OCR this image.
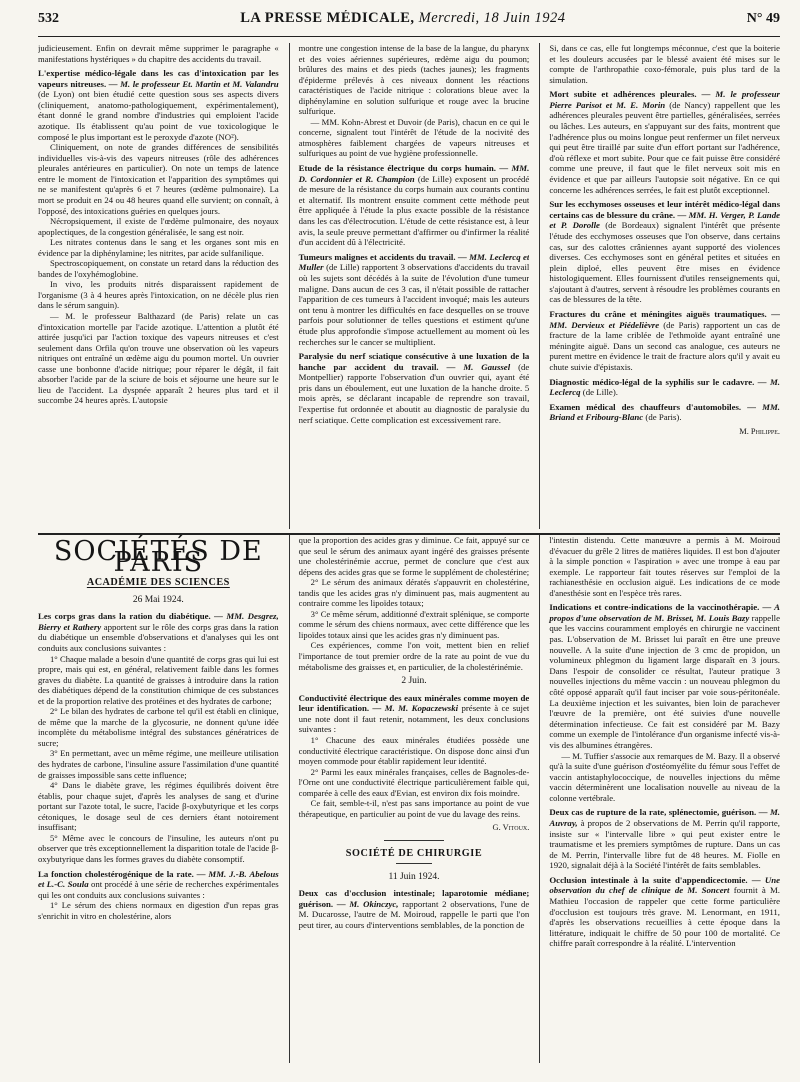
532	LA PRESSE MÉDICALE, Mercredi, 18 Juin 1924	N° 49

judicieusement. Enfin on devrait même supprimer le paragraphe « manifestations hystériques » du chapitre des accidents du travail.

L'expertise médico-légale dans les cas d'intoxication par les vapeurs nitreuses. — M. le professeur Et. Martin et M. Valandru (de Lyon) ont bien étudié cette question sous ses aspects divers (cliniquement, anatomo-pathologiquement, expérimentalement), étant donné le grand nombre d'industries qui emploient l'acide azotique. Ils établissent qu'au point de vue toxicologique le composé le plus important est le peroxyde d'azote (NO²).

Cliniquement, on note de grandes différences de sensibilités individuelles vis-à-vis des vapeurs nitreuses (rôle des adhérences pleurales antérieures en particulier). On note un temps de latence entre le moment de l'intoxication et l'apparition des symptômes qui ne se manifestent qu'après 6 et 7 heures (œdème pulmonaire). La mort se produit en 24 ou 48 heures quand elle survient; on connaît, à l'opposé, des intoxications guéries en quelques jours.

Nécropsiquement, il existe de l'œdème pulmonaire, des noyaux apoplectiques, de la congestion généralisée, le sang est noir.

Les nitrates contenus dans le sang et les organes sont mis en évidence par la diphénylamine; les nitrites, par acide sulfanilique.

Spectroscopiquement, on constate un retard dans la réduction des bandes de l'oxyhémoglobine.

In vivo, les produits nitrés disparaissent rapidement de l'organisme (3 à 4 heures après l'intoxication, on ne décèle plus rien dans le sérum sanguin).

— M. le professeur Balthazard (de Paris) relate un cas d'intoxication mortelle par l'acide azotique. L'attention a plutôt été attirée jusqu'ici par l'action toxique des vapeurs nitreuses et c'est seulement dans Orfila qu'on trouve une observation où les vapeurs nitriques ont entraîné un œdème aigu du poumon mortel. Un ouvrier casse une bonbonne d'acide nitrique; pour réparer le dégât, il fait absorber l'acide par de la sciure de bois et séjourne une heure sur le lieu de l'accident. La dyspnée apparaît 2 heures plus tard et il succombe 24 heures après. L'autopsie

montre une congestion intense de la base de la langue, du pharynx et des voies aériennes supérieures, œdème aigu du poumon; brûlures des mains et des pieds (taches jaunes); les fragments d'épiderme prélevés à ces niveaux donnent les réactions caractéristiques de l'acide nitrique : colorations bleue avec la diphénylamine en solution sulfurique et rouge avec la brucine sulfurique.

— MM. Kohn-Abrest et Duvoir (de Paris), chacun en ce qui le concerne, signalent tout l'intérêt de l'étude de la nocivité des atmosphères faiblement chargées de vapeurs nitreuses et sulfuriques au point de vue hygiène professionnelle.

Etude de la résistance électrique du corps humain. — MM. D. Cordonnier et R. Champion (de Lille) exposent un procédé de mesure de la résistance du corps humain aux courants continu et alternatif. Ils montrent ensuite comment cette méthode peut être appliquée à l'étude la plus exacte possible de la résistance dans les cas d'électrocution. L'étude de cette résistance est, à leur avis, la seule preuve permettant d'affirmer ou d'infirmer la réalité d'un accident dû à l'électricité.
Tumeurs malignes et accidents du travail. — MM. Leclercq et Muller (de Lille) rapportent 3 observations d'accidents du travail où les sujets sont décédés à la suite de l'évolution d'une tumeur maligne. Dans aucun de ces 3 cas, il n'était possible de rattacher l'apparition de ces tumeurs à l'accident invoqué; mais les auteurs ont tenu à montrer les difficultés en face desquelles on se trouve parfois pour solutionner de telles questions et estiment qu'une étude plus approfondie s'impose actuellement au moment où les recherches sur le cancer se multiplient.
Paralysie du nerf sciatique consécutive à une luxation de la hanche par accident du travail. — M. Gaussel (de Montpellier) rapporte l'observation d'un ouvrier qui, ayant été pris dans un éboulement, eut une luxation de la hanche droite. 5 mois après, se déclarant incapable de reprendre son travail, l'expertise fut ordonnée et aboutit au diagnostic de paralysie du nerf sciatique. Cette complication est excessivement rare.

Si, dans ce cas, elle fut longtemps méconnue, c'est que la boiterie et les douleurs accusées par le blessé avaient été mises sur le compte de l'arthropathie coxo-fémorale, puis plus tard de la simulation.

Mort subite et adhérences pleurales. — M. le professeur Pierre Parisot et M. E. Morin (de Nancy) rappellent que les adhérences pleurales peuvent être partielles, généralisées, serrées ou lâches. Les auteurs, en s'appuyant sur des faits, montrent que l'adhérence plus ou moins longue peut renfermer un filet nerveux qui peut être tiraillé par suite d'un effort portant sur l'adhérence, d'où réflexe et mort subite. Pour que ce fait puisse être considéré comme une preuve, il faut que le filet nerveux soit mis en évidence et que par ailleurs l'autopsie soit négative. En ce qui concerne les adhérences serrées, le fait est plutôt exceptionnel.
Sur les ecchymoses osseuses et leur intérêt médico-légal dans certains cas de blessure du crâne. — MM. H. Verger, P. Lande et P. Dorolle (de Bordeaux) signalent l'intérêt que présente l'étude des ecchymoses osseuses que l'on observe, dans certains cas, sur des calottes crâniennes ayant supporté des violences diverses. Ces ecchymoses sont en général petites et situées en plein diploé, elles peuvent être mises en évidence histologiquement. Elles fournissent d'utiles renseignements qui, s'ajoutant à d'autres, servent à résoudre les problèmes courants en cas de blessures de la tête.
Fractures du crâne et méningites aiguës traumatiques. — MM. Dervieux et Piédelièvre (de Paris) rapportent un cas de fracture de la lame criblée de l'ethmoïde ayant entraîné une méningite aiguë. Dans un second cas analogue, ces auteurs ne purent mettre en évidence le trait de fracture alors qu'il y avait eu chute suivie d'épistaxis.
Diagnostic médico-légal de la syphilis sur le cadavre. — M. Leclercq (de Lille).
Examen médical des chauffeurs d'automobiles. — MM. Briand et Fribourg-Blanc (de Paris).
M. Philippe.
SOCIÉTÉS DE PARIS
ACADÉMIE DES SCIENCES
26 Mai 1924.
Les corps gras dans la ration du diabétique. — MM. Desgrez, Bierry et Rathery apportent sur le rôle des corps gras dans la ration du diabétique un ensemble d'observations et d'analyses qui les ont conduits aux conclusions suivantes :

1° Chaque malade a besoin d'une quantité de corps gras qui lui est propre, mais qui est, en général, relativement faible dans les formes graves du diabète. La quantité de graisses à introduire dans la ration des diabétiques dépend de la constitution chimique de ces substances et de la proportion relative des protéines et des hydrates de carbone;

2° Le bilan des hydrates de carbone tel qu'il est établi en clinique, de même que la marche de la glycosurie, ne donnent qu'une idée incomplète du métabolisme intégral des substances génératrices de sucre;

3° En permettant, avec un même régime, une meilleure utilisation des hydrates de carbone, l'insuline assure l'assimilation d'une quantité de graisses impossible sans cette influence;

4° Dans le diabète grave, les régimes équilibrés doivent être établis, pour chaque sujet, d'après les analyses de sang et d'urine portant sur l'azote total, le sucre, l'acide β-oxybutyrique et les corps cétoniques, le dosage seul de ces derniers étant notoirement insuffisant;

5° Même avec le concours de l'insuline, les auteurs n'ont pu observer que très exceptionnellement la disparition totale de l'acide β-oxybutyrique dans les formes graves du diabète consomptif.

La fonction cholestérogénique de la rate. — MM. J.-B. Abelous et L.-C. Soula ont procédé à une série de recherches expérimentales qui les ont conduits aux conclusions suivantes :

1° Le sérum des chiens normaux en digestion d'un repas gras s'enrichit in vitro en cholestérine, alors

que la proportion des acides gras y diminue. Ce fait, appuyé sur ce que seul le sérum des animaux ayant ingéré des graisses présente une cholestérinémie accrue, permet de conclure que c'est aux dépens des acides gras que se forme le supplément de cholestérine;

2° Le sérum des animaux dératés s'appauvrit en cholestérine, tandis que les acides gras n'y diminuent pas, mais augmentent au contraire comme les lipoïdes totaux;

3° Ce même sérum, additionné d'extrait splénique, se comporte comme le sérum des chiens normaux, avec cette différence que les lipoïdes totaux ainsi que les acides gras n'y diminuent pas.

Ces expériences, comme l'on voit, mettent bien en relief l'importance de tout premier ordre de la rate au point de vue du métabolisme des graisses et, en particulier, de la cholestérinémie.

2 Juin.
Conductivité électrique des eaux minérales comme moyen de leur identification. — M. M. Kopaczewski présente à ce sujet une note dont il faut retenir, notamment, les deux conclusions suivantes :

1° Chacune des eaux minérales étudiées possède une conductivité électrique caractéristique. On dispose donc ainsi d'un moyen commode pour établir rapidement leur identité.

2° Parmi les eaux minérales françaises, celles de Bagnoles-de-l'Orne ont une conductivité électrique particulièrement faible qui, comparée à celle des eaux d'Evian, est environ dix fois moindre.

Ce fait, semble-t-il, n'est pas sans importance au point de vue thérapeutique, en particulier au point de vue du lavage des reins.

G. Vitoux.
SOCIÉTÉ DE CHIRURGIE
11 Juin 1924.
Deux cas d'occlusion intestinale; laparotomie médiane; guérison. — M. Okinczyc, rapportant 2 observations, l'une de M. Ducarosse, l'autre de M. Moiroud, rappelle le parti que l'on peut tirer, au cours d'interventions semblables, de la ponction de

l'intestin distendu. Cette manœuvre a permis à M. Moiroud d'évacuer du grêle 2 litres de matières liquides. Il est bon d'ajouter à la simple ponction « l'aspiration » avec une trompe à eau par exemple. Le rapporteur fait toutes réserves sur l'emploi de la rachianesthésie en occlusion aiguë. Les indications de ce mode d'anesthésie sont en l'espèce très rares.

Indications et contre-indications de la vaccinothérapie. — A propos d'une observation de M. Brisset, M. Louis Bazy rappelle que les vaccins couramment employés en chirurgie ne vaccinent pas. L'observation de M. Brisset lui paraît en être une preuve nouvelle. A la suite d'une injection de 3 cmc de propidon, un volumineux phlegmon du ligament large disparaît en 3 jours. Dans l'espoir de consolider ce résultat, l'auteur pratique 3 nouvelles injections du même vaccin : un nouveau phlegmon du côté opposé apparaît qu'il faut inciser par voie sous-péritonéale. La deuxième injection et les suivantes, bien loin de parachever l'œuvre de la première, ont été suivies d'une nouvelle détermination infectieuse. Ce fait est considéré par M. Bazy comme un exemple de l'intolérance d'un organisme infecté vis-à-vis des albumines étrangères.

— M. Tuffier s'associe aux remarques de M. Bazy. Il a observé qu'à la suite d'une guérison d'ostéomyélite du fémur sous l'effet de vaccin antistaphylococcique, de nouvelles injections du même vaccin déterminèrent une localisation nouvelle au niveau de la colonne vertébrale.

Deux cas de rupture de la rate, splénectomie, guérison. — M. Auvray, à propos de 2 observations de M. Perrin qu'il rapporte, insiste sur « l'intervalle libre » qui peut exister entre le traumatisme et les premiers symptômes de rupture. Dans un cas de M. Perrin, l'intervalle libre fut de 48 heures. M. Fiolle en 1920, signalait déjà à la Société l'intérêt de faits semblables.
Occlusion intestinale à la suite d'appendicectomie. — Une observation du chef de clinique de M. Soncert fournit à M. Mathieu l'occasion de rappeler que cette forme particulière d'occlusion est toujours très grave. M. Lenormant, en 1911, d'après les observations recueillies à cette époque dans la littérature, indiquait le chiffre de 50 pour 100 de mortalité. Ce chiffre paraît correspondre à la réalité. L'intervention
